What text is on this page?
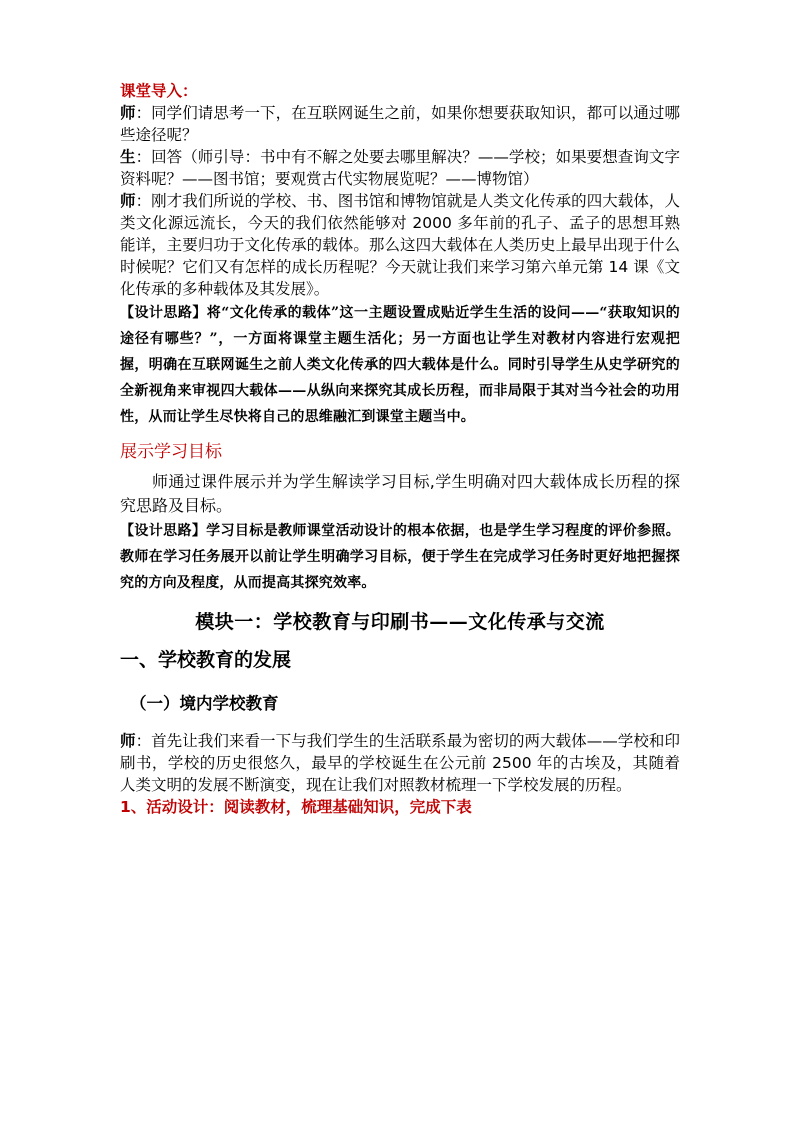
课堂导入：

师：同学们请思考一下，在互联网诞生之前，如果你想要获取知识，都可以通过哪些途径呢？

生：回答（师引导：书中有不解之处要去哪里解决？——学校；如果要想查询文字资料呢？——图书馆；要观赏古代实物展览呢？——博物馆）

师：刚才我们所说的学校、书、图书馆和博物馆就是人类文化传承的四大载体，人类文化源远流长，今天的我们依然能够对 2000 多年前的孔子、孟子的思想耳熟能详，主要归功于文化传承的载体。那么这四大载体在人类历史上最早出现于什么时候呢？它们又有怎样的成长历程呢？今天就让我们来学习第六单元第 14 课《文化传承的多种载体及其发展》。

【设计思路】将“文化传承的载体”这一主题设置成贴近学生生活的设问——“获取知识的途径有哪些？”，一方面将课堂主题生活化；另一方面也让学生对教材内容进行宏观把握，明确在互联网诞生之前人类文化传承的四大载体是什么。同时引导学生从史学研究的全新视角来审视四大载体——从纵向来探究其成长历程，而非局限于其对当今社会的功用性，从而让学生尽快将自己的思维融汇到课堂主题当中。

展示学习目标

师通过课件展示并为学生解读学习目标,学生明确对四大载体成长历程的探究思路及目标。

【设计思路】学习目标是教师课堂活动设计的根本依据，也是学生学习程度的评价参照。教师在学习任务展开以前让学生明确学习目标，便于学生在完成学习任务时更好地把握探究的方向及程度，从而提高其探究效率。

模块一：学校教育与印刷书——文化传承与交流

一、学校教育的发展

（一）境内学校教育

师：首先让我们来看一下与我们学生的生活联系最为密切的两大载体——学校和印刷书，学校的历史很悠久，最早的学校诞生在公元前 2500 年的古埃及，其随着人类文明的发展不断演变，现在让我们对照教材梳理一下学校发展的历程。

1、活动设计：阅读教材，梳理基础知识，完成下表
